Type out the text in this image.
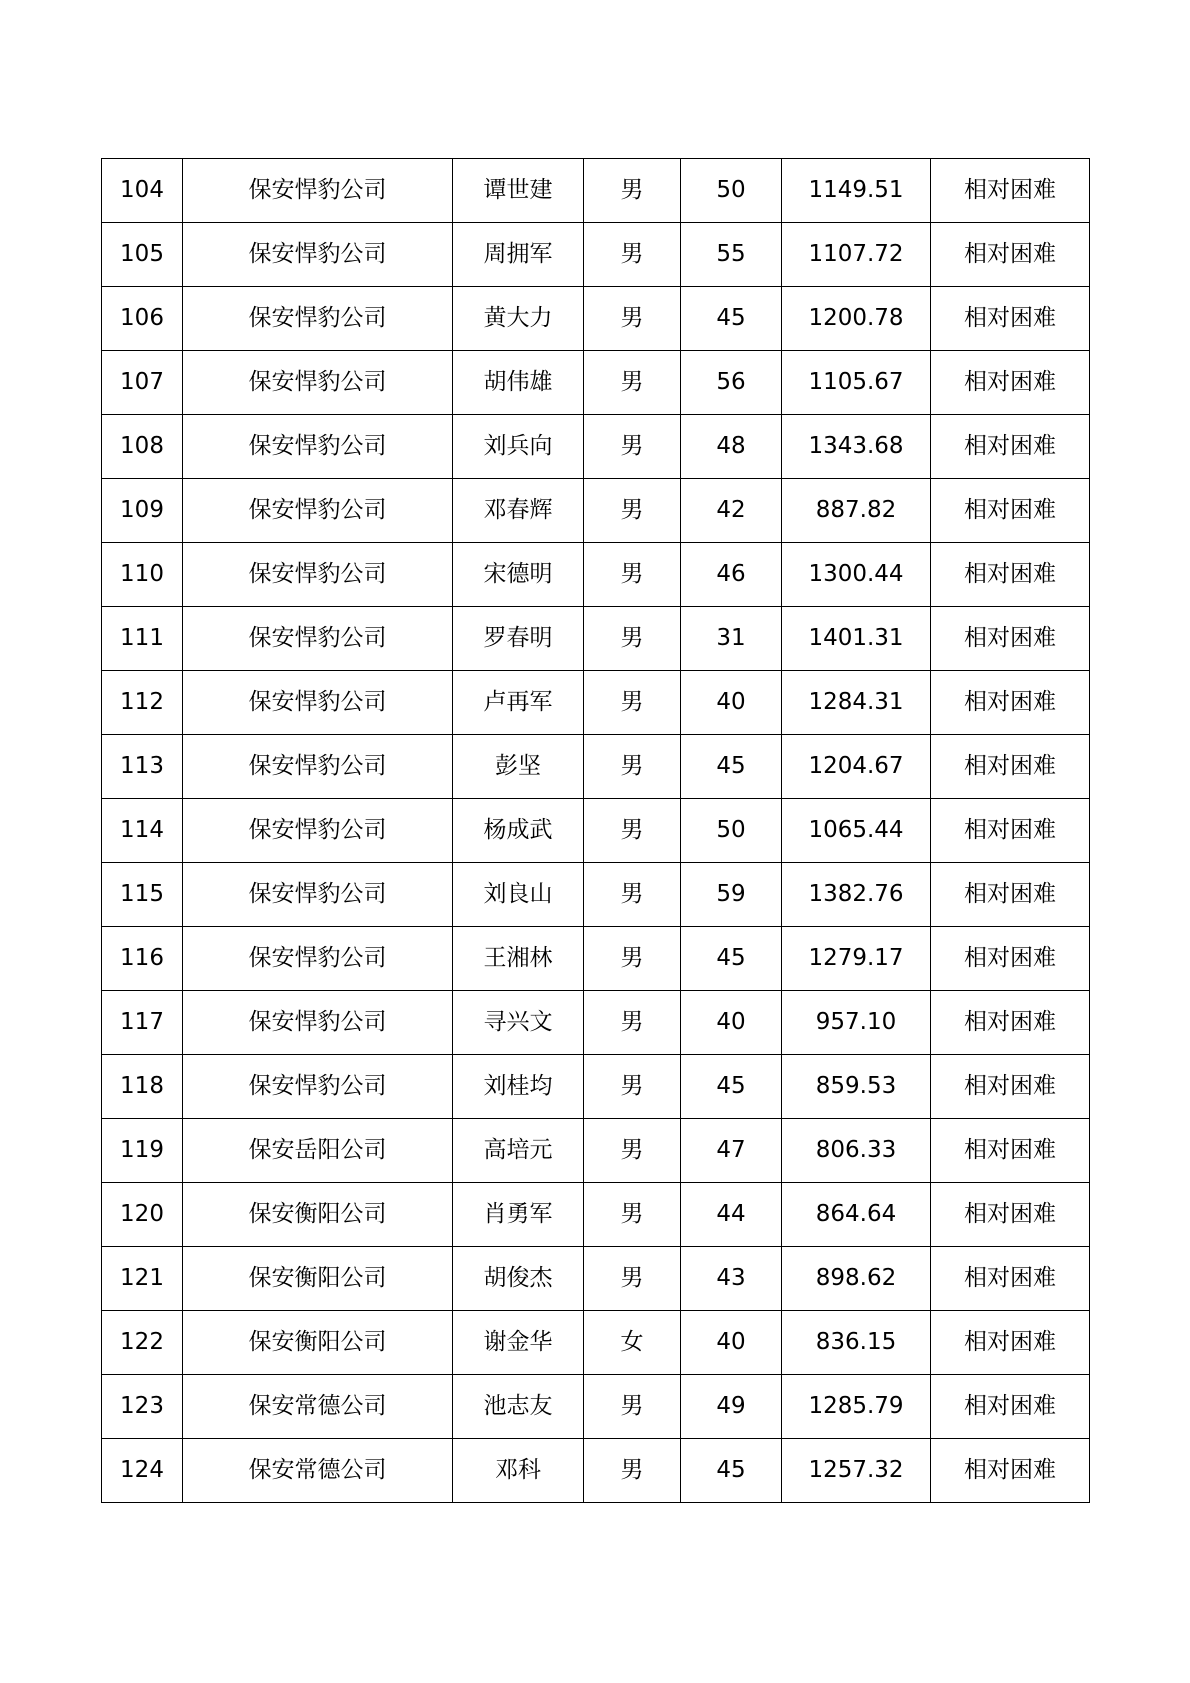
104	保安悍豹公司	谭世建	男	50	1149.51	相对困难
105	保安悍豹公司	周拥军	男	55	1107.72	相对困难
106	保安悍豹公司	黄大力	男	45	1200.78	相对困难
107	保安悍豹公司	胡伟雄	男	56	1105.67	相对困难
108	保安悍豹公司	刘兵向	男	48	1343.68	相对困难
109	保安悍豹公司	邓春辉	男	42	887.82	相对困难
110	保安悍豹公司	宋德明	男	46	1300.44	相对困难
111	保安悍豹公司	罗春明	男	31	1401.31	相对困难
112	保安悍豹公司	卢再军	男	40	1284.31	相对困难
113	保安悍豹公司	彭坚	男	45	1204.67	相对困难
114	保安悍豹公司	杨成武	男	50	1065.44	相对困难
115	保安悍豹公司	刘良山	男	59	1382.76	相对困难
116	保安悍豹公司	王湘林	男	45	1279.17	相对困难
117	保安悍豹公司	寻兴文	男	40	957.10	相对困难
118	保安悍豹公司	刘桂均	男	45	859.53	相对困难
119	保安岳阳公司	高培元	男	47	806.33	相对困难
120	保安衡阳公司	肖勇军	男	44	864.64	相对困难
121	保安衡阳公司	胡俊杰	男	43	898.62	相对困难
122	保安衡阳公司	谢金华	女	40	836.15	相对困难
123	保安常德公司	池志友	男	49	1285.79	相对困难
124	保安常德公司	邓科	男	45	1257.32	相对困难
